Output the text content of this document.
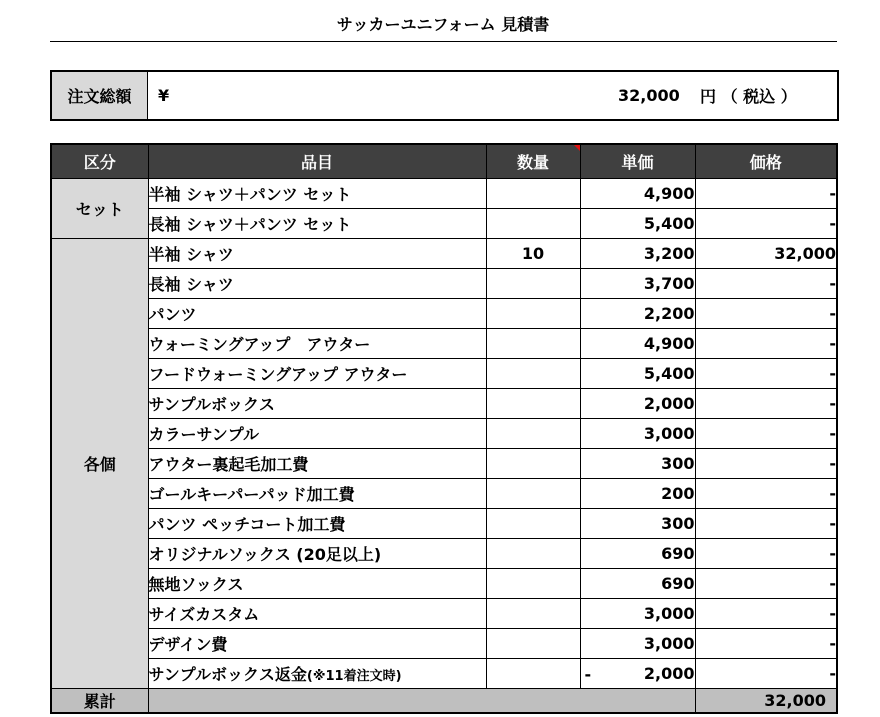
サッカーユニフォーム 見積書
注文総額	¥	32,000 円 （ 税込 ）
区分	品目	数量	単価	価格
セット	半袖 シャツ＋パンツ セット		4,900	-
	長袖 シャツ＋パンツ セット		5,400	-
各個	半袖 シャツ	10	3,200	32,000
	長袖 シャツ		3,700	-
	パンツ		2,200	-
	ウォーミングアップ　アウター		4,900	-
	フードウォーミングアップ アウター		5,400	-
	サンプルボックス		2,000	-
	カラーサンプル		3,000	-
	アウター裏起毛加工費		300	-
	ゴールキーパーパッド加工費		200	-
	パンツ ペッチコート加工費		300	-
	オリジナルソックス (20足以上)		690	-
	無地ソックス		690	-
	サイズカスタム		3,000	-
	デザイン費		3,000	-
	サンプルボックス返金(※11着注文時)		- 2,000	-
累計				32,000
